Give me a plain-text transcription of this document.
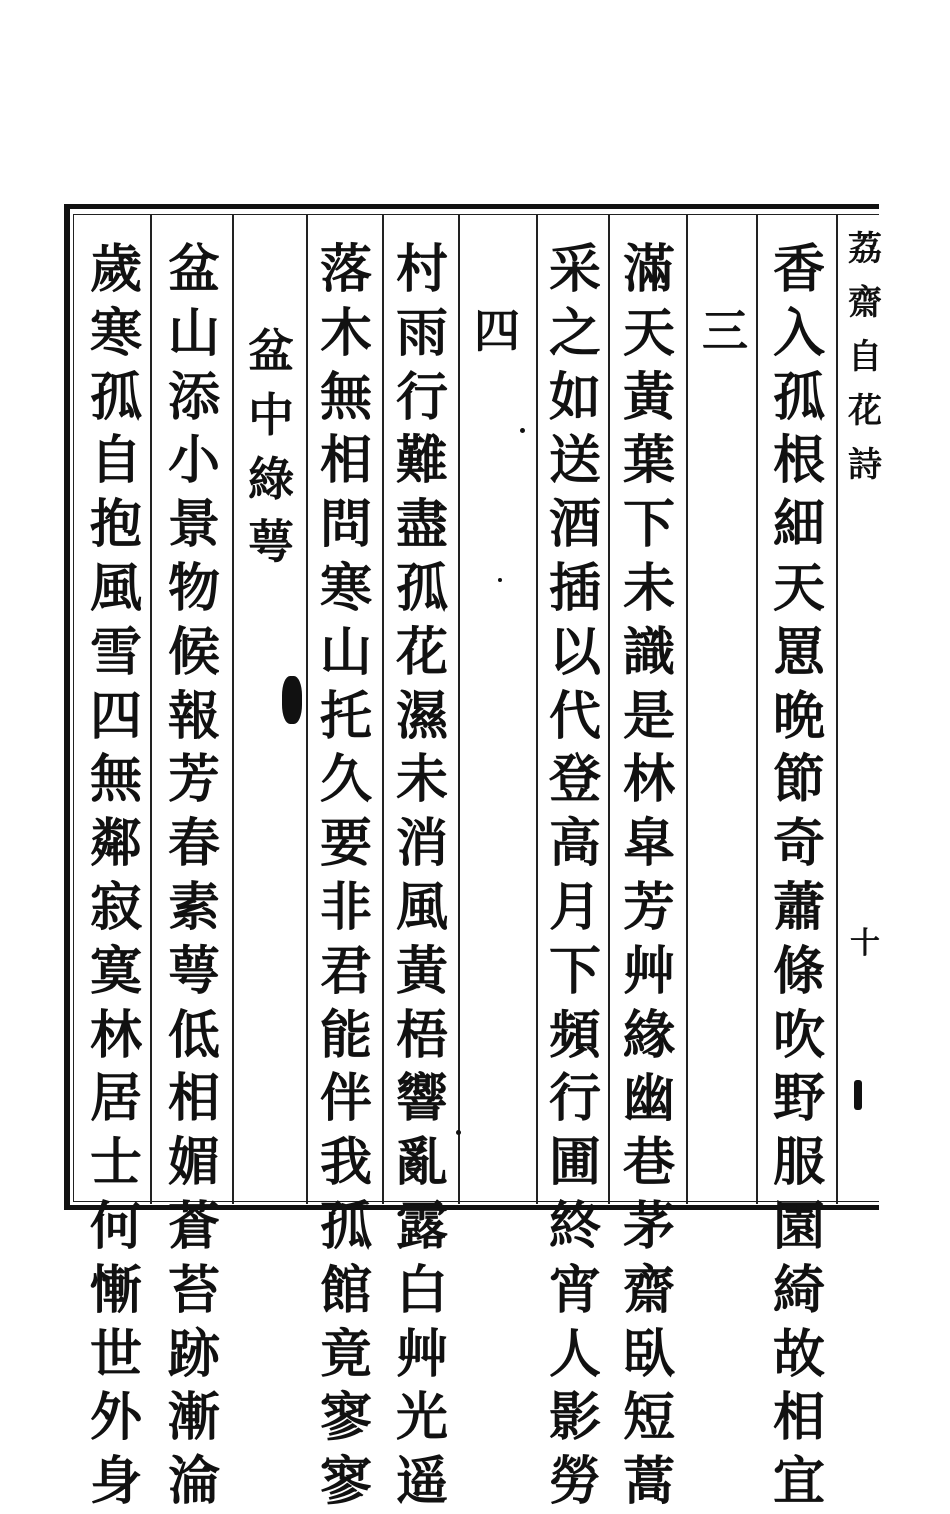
香
入
孤
根
細
天
罳
晩
節
奇
蕭
條
吹
野
服
園
綺
故
相
宜
三
滿
天
黃
葉
下
未
識
是
林
皐
芳
艸
緣
幽
巷
茅
齋
臥
短
蒿
采
之
如
送
酒
插
以
代
登
高
月
下
頻
行
圃
終
宵
人
影
勞
四
村
雨
行
難
盡
孤
花
濕
未
消
風
黃
梧
響
亂
露
白
艸
光
遥
落
木
無
相
問
寒
山
托
久
要
非
君
能
伴
我
孤
館
竟
寥
寥
盆
中
綠
萼
盆
山
添
小
景
物
候
報
芳
春
素
萼
低
相
媚
蒼
苔
跡
漸
淪
歲
寒
孤
自
抱
風
雪
四
無
鄰
寂
寞
林
居
士
何
慚
世
外
身
荔
齋
自
花
詩
十
